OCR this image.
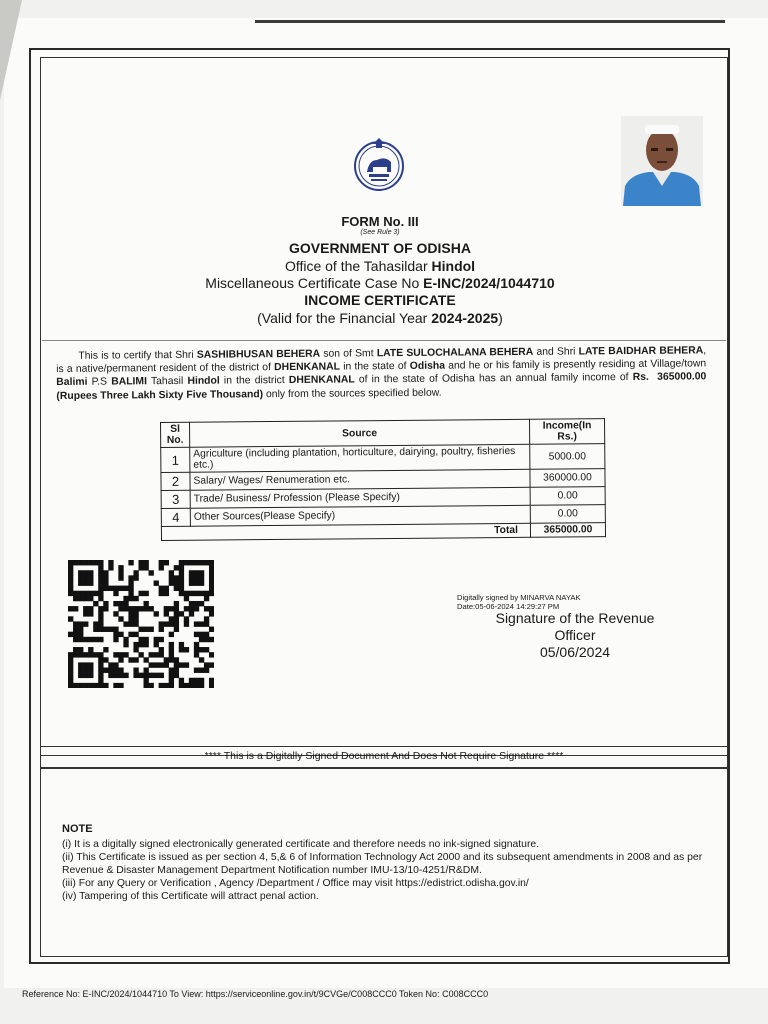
FORM No. III
(See Rule 3)
GOVERNMENT OF ODISHA
Office of the Tahasildar Hindol
Miscellaneous Certificate Case No E-INC/2024/1044710
INCOME CERTIFICATE
(Valid for the Financial Year 2024-2025)
This is to certify that Shri SASHIBHUSAN BEHERA son of Smt LATE SULOCHALANA BEHERA and Shri LATE BAIDHAR BEHERA, is a native/permanent resident of the district of DHENKANAL in the state of Odisha and he or his family is presently residing at Village/town Balimi P.S BALIMI Tahasil Hindol in the district DHENKANAL of in the state of Odisha has an annual family income of Rs. 365000.00 (Rupees Three Lakh Sixty Five Thousand) only from the sources specified below.
Sl No.	Source	Income(In Rs.)
1	Agriculture (including plantation, horticulture, dairying, poultry, fisheries etc.)	5000.00
2	Salary/ Wages/ Renumeration etc.	360000.00
3	Trade/ Business/ Profession (Please Specify)	0.00
4	Other Sources(Please Specify)	0.00
Total		365000.00
Digitally signed by MINARVA NAYAK
Date:05-06-2024 14:29:27 PM
Signature of the Revenue
Officer
05/06/2024
**** This is a Digitally Signed Document And Does Not Require Signature ****
NOTE
(i) It is a digitally signed electronically generated certificate and therefore needs no ink-signed signature.
(ii) This Certificate is issued as per section 4, 5,& 6 of Information Technology Act 2000 and its subsequent amendments in 2008 and as per Revenue & Disaster Management Department Notification number IMU-13/10-4251/R&DM.
(iii) For any Query or Verification , Agency /Department / Office may visit https://edistrict.odisha.gov.in/
(iv) Tampering of this Certificate will attract penal action.
Reference No: E-INC/2024/1044710 To View: https://serviceonline.gov.in/t/9CVGe/C008CCC0 Token No: C008CCC0
